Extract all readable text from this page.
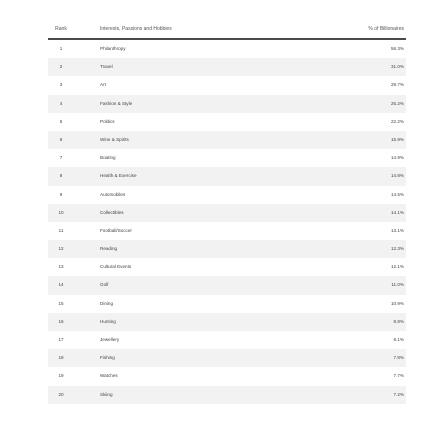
Rank	Interests, Passions and Hobbies	% of Billionaires
1	Philanthropy	56.3%
2	Travel	31.0%
3	Art	28.7%
4	Fashion & Style	25.2%
5	Politics	22.2%
6	Wine & Spirits	15.9%
7	Boating	14.9%
8	Health & Exercise	14.8%
9	Automobiles	14.5%
10	Collectibles	14.1%
11	Football/Soccer	13.1%
12	Reading	12.3%
13	Cultural Events	12.1%
14	Golf	11.0%
15	Dining	10.9%
16	Hunting	8.8%
17	Jewellery	8.1%
18	Fishing	7.8%
19	Watches	7.7%
20	Skiing	7.2%
